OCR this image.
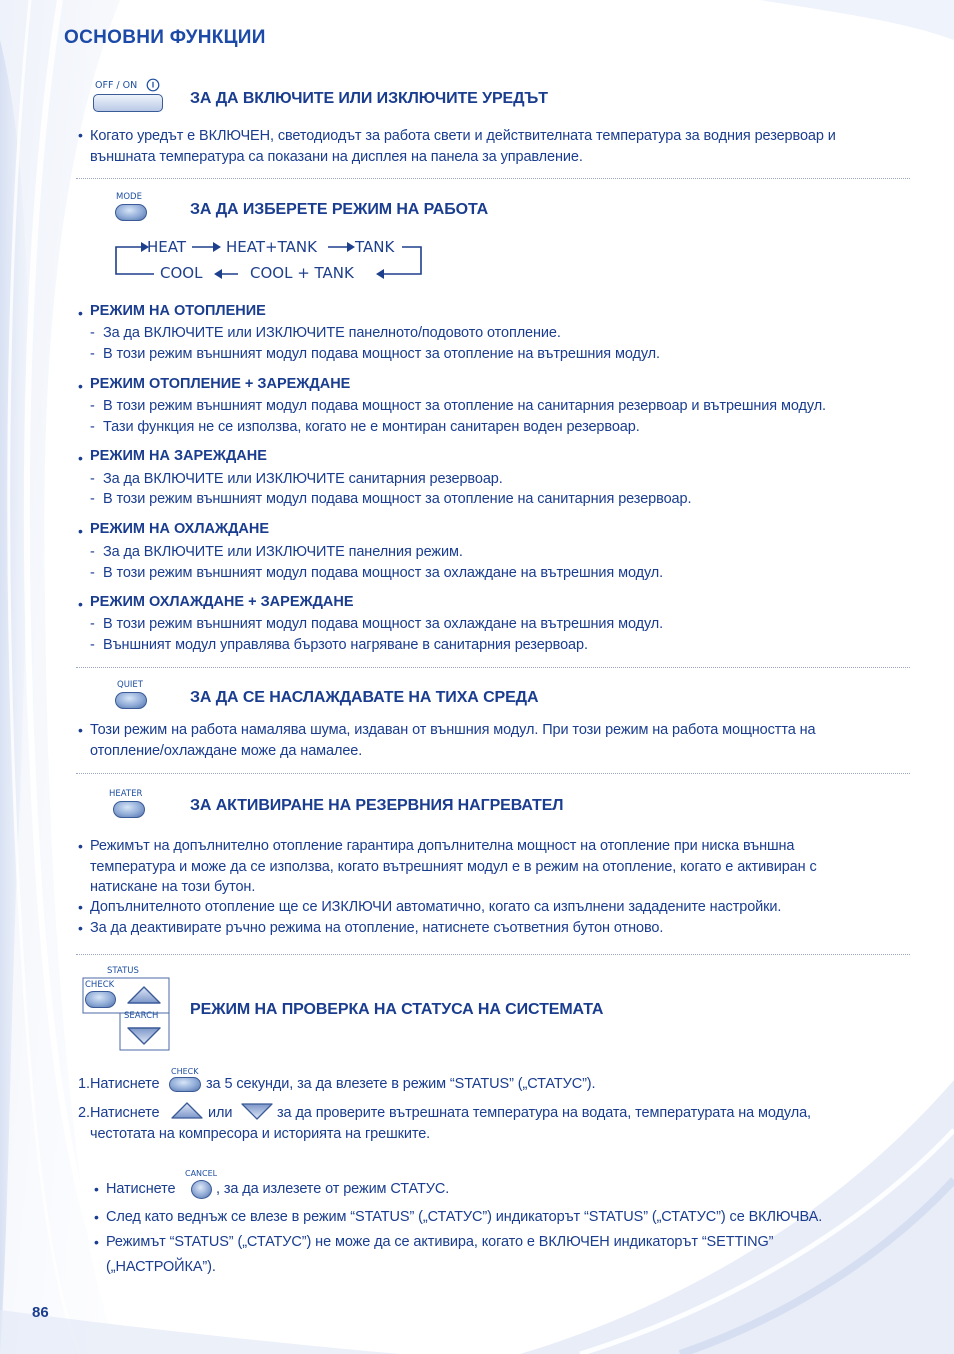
ОСНОВНИ ФУНКЦИИ
OFF / ON
ЗА ДА ВКЛЮЧИТЕ ИЛИ ИЗКЛЮЧИТЕ УРЕДЪТ
• Когато уредът е ВКЛЮЧЕН, светодиодът за работа свети и действителната температура за водния резервоар и
външната температура са показани на дисплея на панела за управление.
MODE
ЗА ДА ИЗБЕРЕТЕ РЕЖИМ НА РАБОТА
HEAT	HEAT+TANK	TANK
COOL	COOL + TANK
• РЕЖИМ НА ОТОПЛЕНИЕ
- За да ВКЛЮЧИТЕ или ИЗКЛЮЧИТЕ панелното/подовото отопление.
- В този режим външният модул подава мощност за отопление на вътрешния модул.
• РЕЖИМ ОТОПЛЕНИЕ + ЗАРЕЖДАНЕ
- В този режим външният модул подава мощност за отопление на санитарния резервоар и вътрешния модул.
- Тази функция не се използва, когато не е монтиран санитарен воден резервоар.
• РЕЖИМ НА ЗАРЕЖДАНЕ
- За да ВКЛЮЧИТЕ или ИЗКЛЮЧИТЕ санитарния резервоар.
- В този режим външният модул подава мощност за отопление на санитарния резервоар.
• РЕЖИМ НА ОХЛАЖДАНЕ
- За да ВКЛЮЧИТЕ или ИЗКЛЮЧИТЕ панелния режим.
- В този режим външният модул подава мощност за охлаждане на вътрешния модул.
• РЕЖИМ ОХЛАЖДАНЕ + ЗАРЕЖДАНЕ
- В този режим външният модул подава мощност за охлаждане на вътрешния модул.
- Външният модул управлява бързото нагряване в санитарния резервоар.
QUIET
ЗА ДА СЕ НАСЛАЖДАВАТЕ НА ТИХА СРЕДА
• Този режим на работа намалява шума, издаван от външния модул. При този режим на работа мощността на
отопление/охлаждане може да намалее.
HEATER
ЗА АКТИВИРАНЕ НА РЕЗЕРВНИЯ НАГРЕВАТЕЛ
• Режимът на допълнително отопление гарантира допълнителна мощност на отопление при ниска външна
температура и може да се използва, когато вътрешният модул е в режим на отопление, когато е активиран с
натискане на този бутон.
• Допълнителното отопление ще се ИЗКЛЮЧИ автоматично, когато са изпълнени зададените настройки.
• За да деактивирате ръчно режима на отопление, натиснете съответния бутон отново.
STATUS
CHECK
SEARCH РЕЖИМ НА ПРОВЕРКА НА СТАТУСА НА СИСТЕМАТА
1. Натиснете
CHECK
за 5 секунди, за да влезете в режим “STATUS” („СТАТУС”).
2. Натиснете	или	за да проверите вътрешната температура на водата, температурата на модула,
честотата на компресора и историята на грешките.
• Натиснете
CANCEL
, за да излезете от режим СТАТУС.
• След като веднъж се влезе в режим “STATUS” („СТАТУС”) индикаторът “STATUS” („СТАТУС”) се ВКЛЮЧВА.
• Режимът “STATUS” („СТАТУС”) не може да се активира, когато е ВКЛЮЧЕН индикаторът “SETTING”
(„НАСТРОЙКА”).
86
